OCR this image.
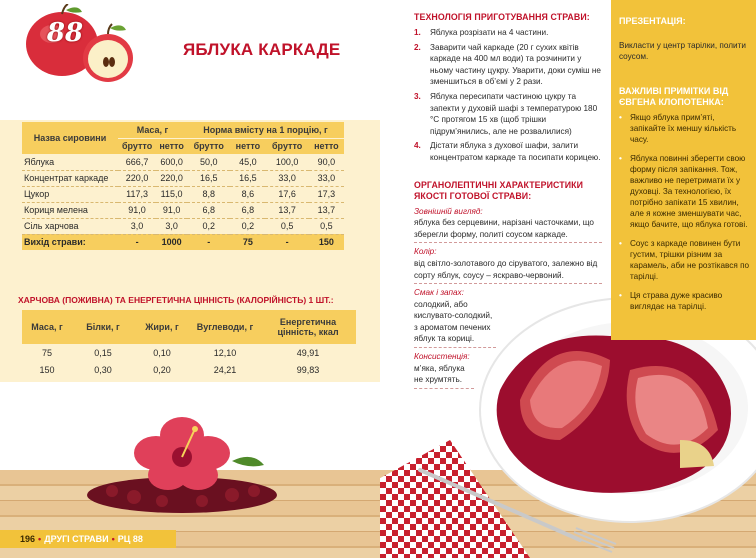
88
ЯБЛУКА КАРКАДЕ
Назва сировини	Маса, г		Норма вмісту на 1 порцію, г			
	брутто	нетто	брутто	нетто	брутто	нетто
Яблука	666,7	600,0	50,0	45,0	100,0	90,0
Концентрат каркаде	220,0	220,0	16,5	16,5	33,0	33,0
Цукор	117,3	115,0	8,8	8,6	17,6	17,3
Кориця мелена	91,0	91,0	6,8	6,8	13,7	13,7
Сіль харчова	3,0	3,0	0,2	0,2	0,5	0,5
Вихід страви:	-	1000	-	75	-	150
ХАРЧОВА (ПОЖИВНА) ТА ЕНЕРГЕТИЧНА ЦІННІСТЬ (КАЛОРІЙНІСТЬ) 1 ШТ.:
Маса, г	Білки, г	Жири, г	Вуглеводи, г	Енергетична цінність, ккал
75	0,15	0,10	12,10	49,91
150	0,30	0,20	24,21	99,83
196 • ДРУГІ СТРАВИ • РЦ 88
ТЕХНОЛОГІЯ ПРИГОТУВАННЯ СТРАВИ:
1. Яблука розрізати на 4 частини.
2. Заварити чай каркаде (20 г сухих квітів каркаде на 400 мл води) та розчинити у ньому частину цукру. Уварити, доки суміш не зменшиться в об’ємі у 2 рази.
3. Яблука пересипати частиною цукру та запекти у духовій шафі з температурою 180 °С протягом 15 хв (щоб трішки підрум’янились, але не розвалилися)
4. Дістати яблука з духової шафи, залити концентратом каркаде та посипати корицею.
ОРГАНОЛЕПТИЧНІ ХАРАКТЕРИСТИКИ ЯКОСТІ ГОТОВОЇ СТРАВИ:
Зовнішній вигляд:
яблука без серцевини, нарізані часточками, що зберегли форму, политі соусом каркаде.
Колір:
від світло-золотавого до сіруватого, залежно від сорту яблук, соусу – яскраво-червоний.
Смак і запах:
солодкий, або кислувато-солодкий, з ароматом печених яблук та кориці.
Консистенція:
м’яка, яблука не хрумтять.
ПРЕЗЕНТАЦІЯ:
Викласти у центр тарілки, полити соусом.
ВАЖЛИВІ ПРИМІТКИ ВІД ЄВГЕНА КЛОПОТЕНКА:
• Якщо яблука прим’яті, запікайте їх меншу кількість часу.
• Яблука повинні зберегти свою форму після запікання. Тож, важливо не перетримати їх у духовці. За технологією, їх потрібно запікати 15 хвилин, але я кожне зменшувати час, якщо бачите, що яблука готові.
• Соус з каркаде повинен бути густим, трішки різним за карамель, аби не розтікався по тарілці.
• Ця страва дуже красиво виглядає на тарілці.
